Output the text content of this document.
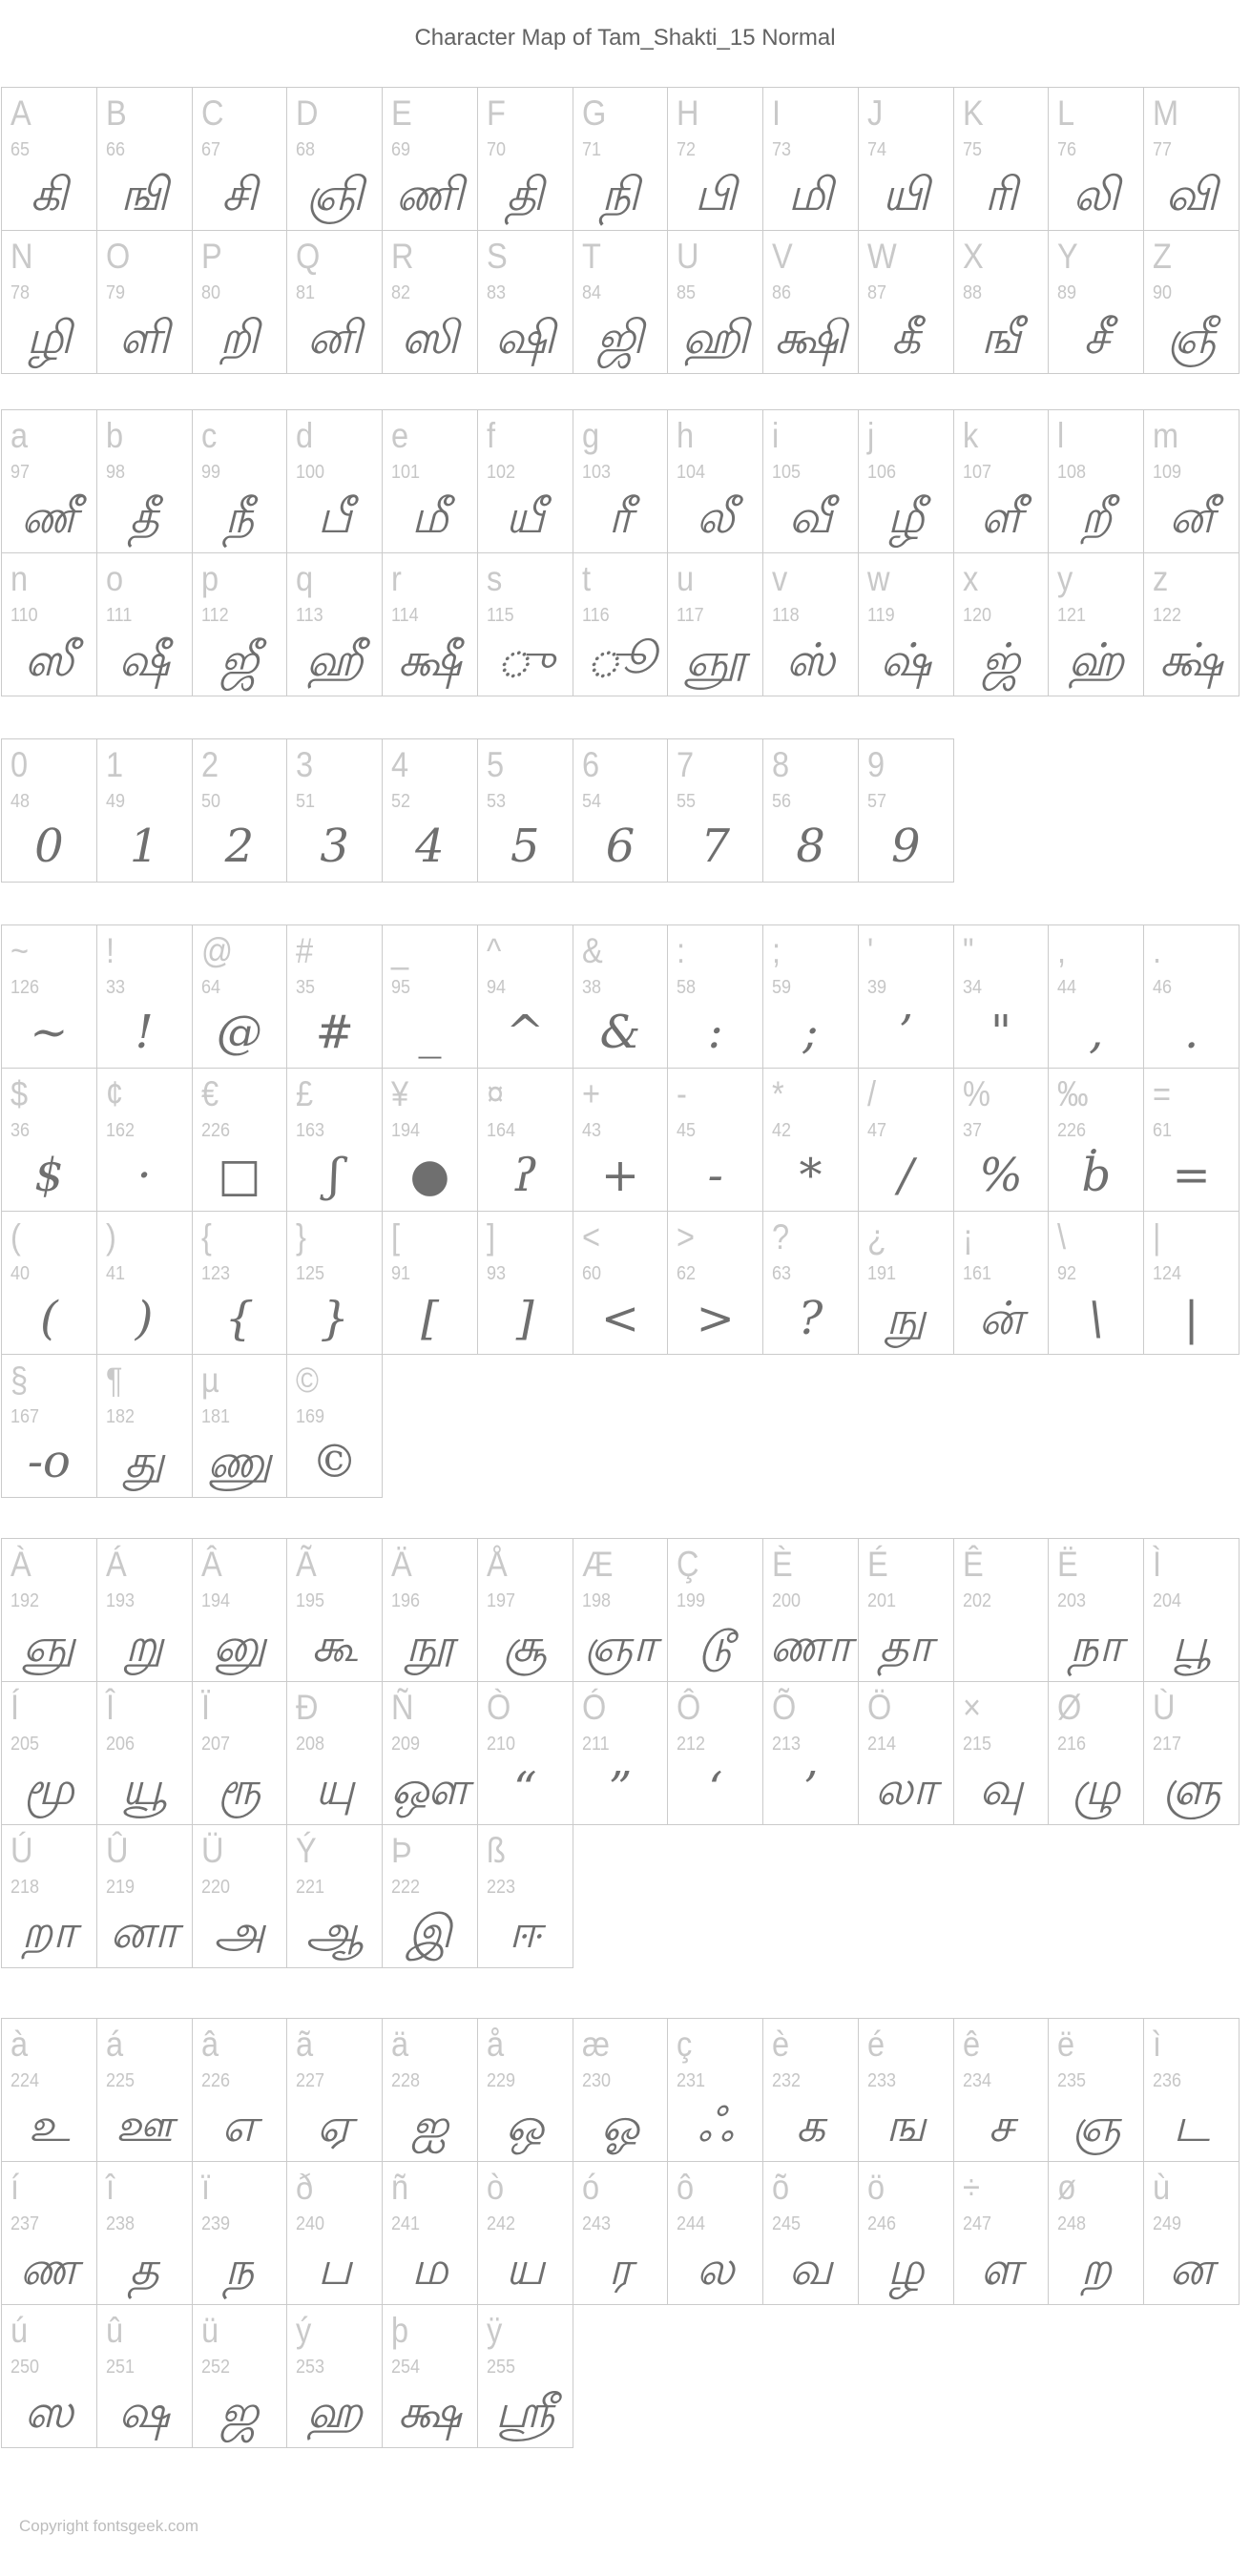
Character Map of Tam_Shakti_15 Normal
A
65
கி
B
66
ஙி
C
67
சி
D
68
ஞி
E
69
ணி
F
70
தி
G
71
நி
H
72
பி
I
73
மி
J
74
யி
K
75
ரி
L
76
லி
M
77
வி
N
78
ழி
O
79
ளி
P
80
றி
Q
81
னி
R
82
ஸி
S
83
ஷி
T
84
ஜி
U
85
ஹி
V
86
க்ஷி
W
87
கீ
X
88
ஙீ
Y
89
சீ
Z
90
ஞீ
a
97
ணீ
b
98
தீ
c
99
நீ
d
100
பீ
e
101
மீ
f
102
யீ
g
103
ரீ
h
104
லீ
i
105
வீ
j
106
ழீ
k
107
ளீ
l
108
றீ
m
109
னீ
n
110
ஸீ
o
111
ஷீ
p
112
ஜீ
q
113
ஹீ
r
114
க்ஷீ
s
115
ு
t
116
ூ
u
117
ஞூ
v
118
ஸ்
w
119
ஷ்
x
120
ஜ்
y
121
ஹ்
z
122
க்ஷ்
0
48
0
1
49
1
2
50
2
3
51
3
4
52
4
5
53
5
6
54
6
7
55
7
8
56
8
9
57
9
~
126
~
!
33
!
@
64
@
#
35
#
_
95
_
^
94
^
&
38
&
:
58
:
;
59
;
'
39
’
"
34
"
,
44
,
.
46
.
$
36
$
¢
162
·
€
226
□
£
163
ʃ
¥
194
●
¤
164
ʔ
+
43
+
-
45
-
*
42
*
/
47
/
%
37
%
‰
226
ḃ
=
61
=
(
40
(
)
41
)
{
123
{
}
125
}
[
91
[
]
93
]
<
60
<
>
62
>
?
63
?
¿
191
நு
¡
161
ன்
\
92
\
|
124
|
§
167
-o
¶
182
து
µ
181
ணு
©
169
©
À
192
ஞு
Á
193
று
Â
194
னு
Ã
195
கூ
Ä
196
நூ
Å
197
சூ
Æ
198
ஞா
Ç
199
டூ
È
200
ணா
É
201
தா
Ê
202
Ë
203
நா
Ì
204
பூ
Í
205
மூ
Î
206
யூ
Ï
207
ரூ
Ð
208
யு
Ñ
209
ஔ
Ò
210
“
Ó
211
”
Ô
212
‘
Õ
213
’
Ö
214
லா
×
215
வு
Ø
216
ழு
Ù
217
ளு
Ú
218
றா
Û
219
னா
Ü
220
அ
Ý
221
ஆ
Þ
222
இ
ß
223
ஈ
à
224
உ
á
225
ஊ
â
226
எ
ã
227
ஏ
ä
228
ஐ
å
229
ஒ
æ
230
ஓ
ç
231
ஃ
è
232
க
é
233
ங
ê
234
ச
ë
235
ஞ
ì
236
ட
í
237
ண
î
238
த
ï
239
ந
ð
240
ப
ñ
241
ம
ò
242
ய
ó
243
ர
ô
244
ல
õ
245
வ
ö
246
ழ
÷
247
ள
ø
248
ற
ù
249
ன
ú
250
ஸ
û
251
ஷ
ü
252
ஜ
ý
253
ஹ
þ
254
க்ஷ
ÿ
255
ஸ்ரீ
Copyright fontsgeek.com
